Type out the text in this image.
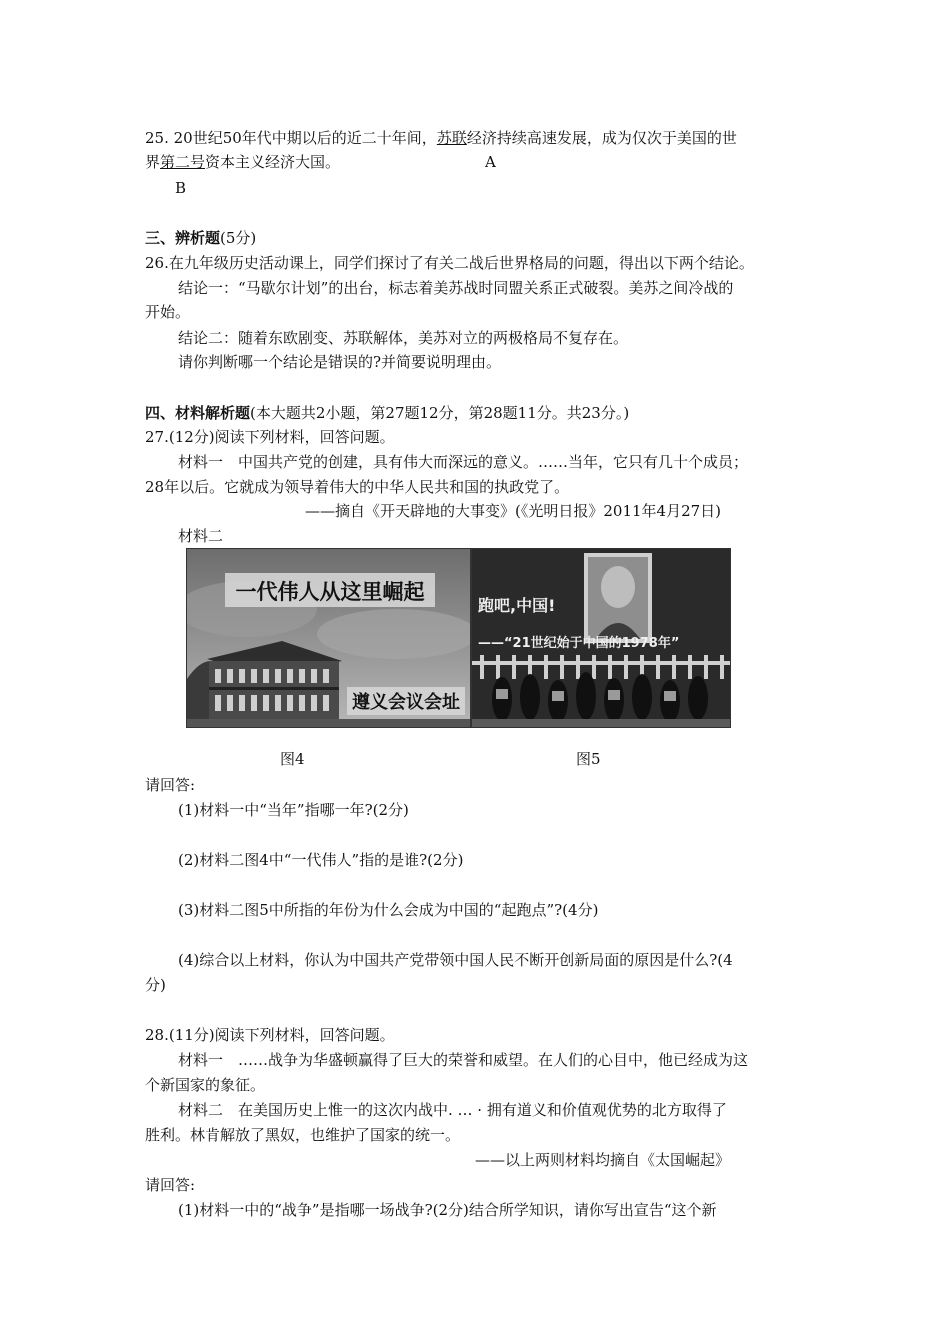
25. 20世纪50年代中期以后的近二十年间，苏联经济持续高速发展，成为仅次于美国的世
界第二号资本主义经济大国。	A
B
三、辨析题(5分)
26.在九年级历史活动课上，同学们探讨了有关二战后世界格局的问题，得出以下两个结论。
结论一：“马歇尔计划”的出台，标志着美苏战时同盟关系正式破裂。美苏之间冷战的
开始。
结论二：随着东欧剧变、苏联解体，美苏对立的两极格局不复存在。
请你判断哪一个结论是错误的?并简要说明理由。
四、材料解析题(本大题共2小题，第27题12分，第28题11分。共23分。)
27.(12分)阅读下列材料，回答问题。
材料一　中国共产党的创建，具有伟大而深远的意义。……当年，它只有几十个成员；
28年以后。它就成为领导着伟大的中华人民共和国的执政党了。
——摘自《开天辟地的大事变》(《光明日报》2011年4月27日)
材料二
一代伟人从这里崛起
遵义会议会址
跑吧,中国!
——“21世纪始于中国的1978年”
图4	图5
请回答:
(1)材料一中“当年”指哪一年?(2分)
(2)材料二图4中“一代伟人”指的是谁?(2分)
(3)材料二图5中所指的年份为什么会成为中国的“起跑点”?(4分)
(4)综合以上材料，你认为中国共产党带领中国人民不断开创新局面的原因是什么?(4
分)
28.(11分)阅读下列材料，回答问题。
材料一　……战争为华盛顿赢得了巨大的荣誉和威望。在人们的心目中，他已经成为这
个新国家的象征。
材料二　在美国历史上惟一的这次内战中. … · 拥有道义和价值观优势的北方取得了
胜利。林肯解放了黑奴，也维护了国家的统一。
——以上两则材料均摘自《太国崛起》
请回答:
(1)材料一中的“战争”是指哪一场战争?(2分)结合所学知识，请你写出宣告“这个新
